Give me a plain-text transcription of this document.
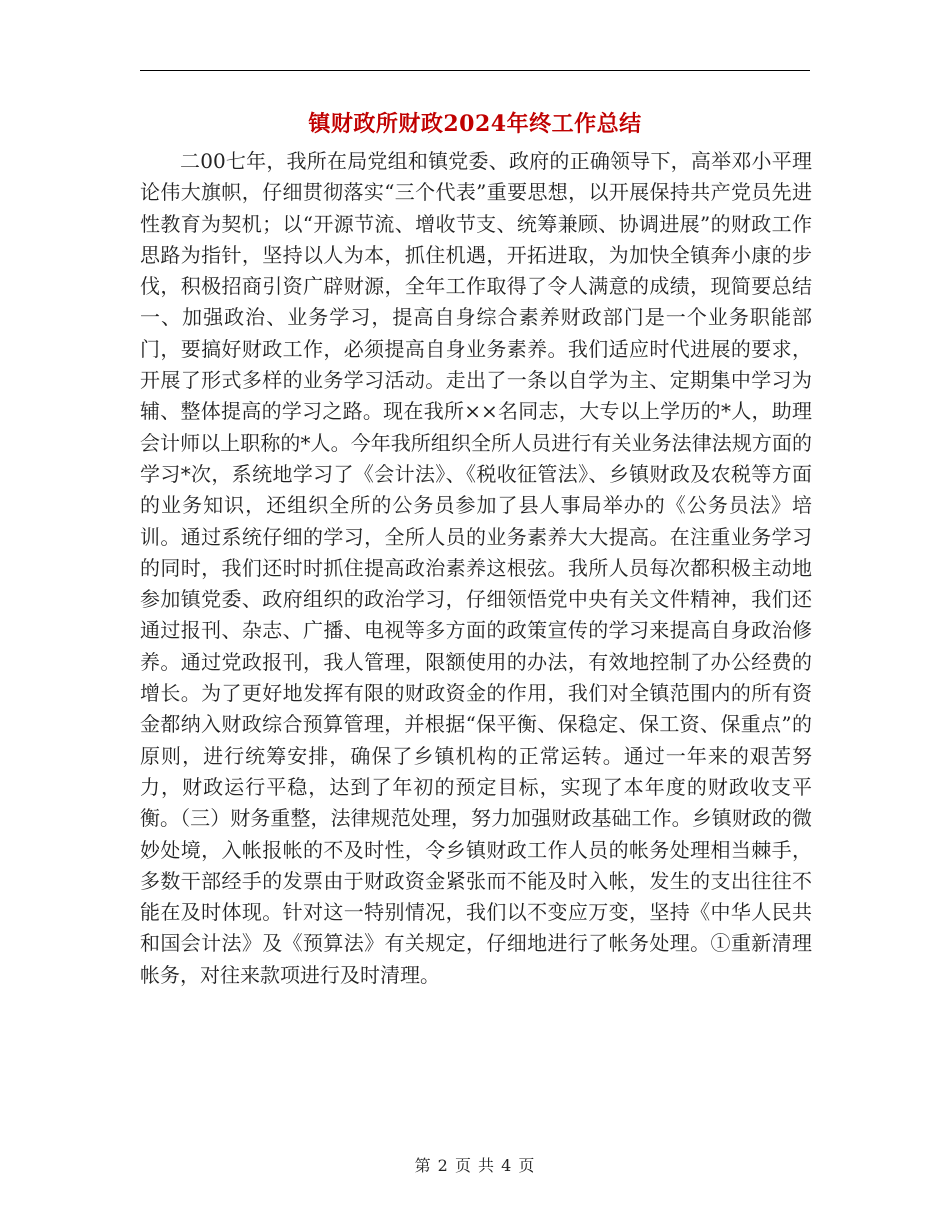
镇财政所财政2024年终工作总结

二00七年，我所在局党组和镇党委、政府的正确领导下，高举邓小平理论伟大旗帜，仔细贯彻落实“三个代表”重要思想，以开展保持共产党员先进性教育为契机；以“开源节流、增收节支、统筹兼顾、协调进展”的财政工作思路为指针，坚持以人为本，抓住机遇，开拓进取，为加快全镇奔小康的步伐，积极招商引资广辟财源，全年工作取得了令人满意的成绩，现简要总结一、加强政治、业务学习，提高自身综合素养财政部门是一个业务职能部门，要搞好财政工作，必须提高自身业务素养。我们适应时代进展的要求，开展了形式多样的业务学习活动。走出了一条以自学为主、定期集中学习为辅、整体提高的学习之路。现在我所××名同志，大专以上学历的*人，助理会计师以上职称的*人。今年我所组织全所人员进行有关业务法律法规方面的学习*次，系统地学习了《会计法》、《税收征管法》、乡镇财政及农税等方面的业务知识，还组织全所的公务员参加了县人事局举办的《公务员法》培训。通过系统仔细的学习，全所人员的业务素养大大提高。在注重业务学习的同时，我们还时时抓住提高政治素养这根弦。我所人员每次都积极主动地参加镇党委、政府组织的政治学习，仔细领悟党中央有关文件精神，我们还通过报刊、杂志、广播、电视等多方面的政策宣传的学习来提高自身政治修养。通过党政报刊，我人管理，限额使用的办法，有效地控制了办公经费的增长。为了更好地发挥有限的财政资金的作用，我们对全镇范围内的所有资金都纳入财政综合预算管理，并根据“保平衡、保稳定、保工资、保重点”的原则，进行统筹安排，确保了乡镇机构的正常运转。通过一年来的艰苦努力，财政运行平稳，达到了年初的预定目标，实现了本年度的财政收支平衡。（三）财务重整，法律规范处理，努力加强财政基础工作。乡镇财政的微妙处境，入帐报帐的不及时性，令乡镇财政工作人员的帐务处理相当棘手，多数干部经手的发票由于财政资金紧张而不能及时入帐，发生的支出往往不能在及时体现。针对这一特别情况，我们以不变应万变，坚持《中华人民共和国会计法》及《预算法》有关规定，仔细地进行了帐务处理。①重新清理帐务，对往来款项进行及时清理。

第 2 页 共 4 页
